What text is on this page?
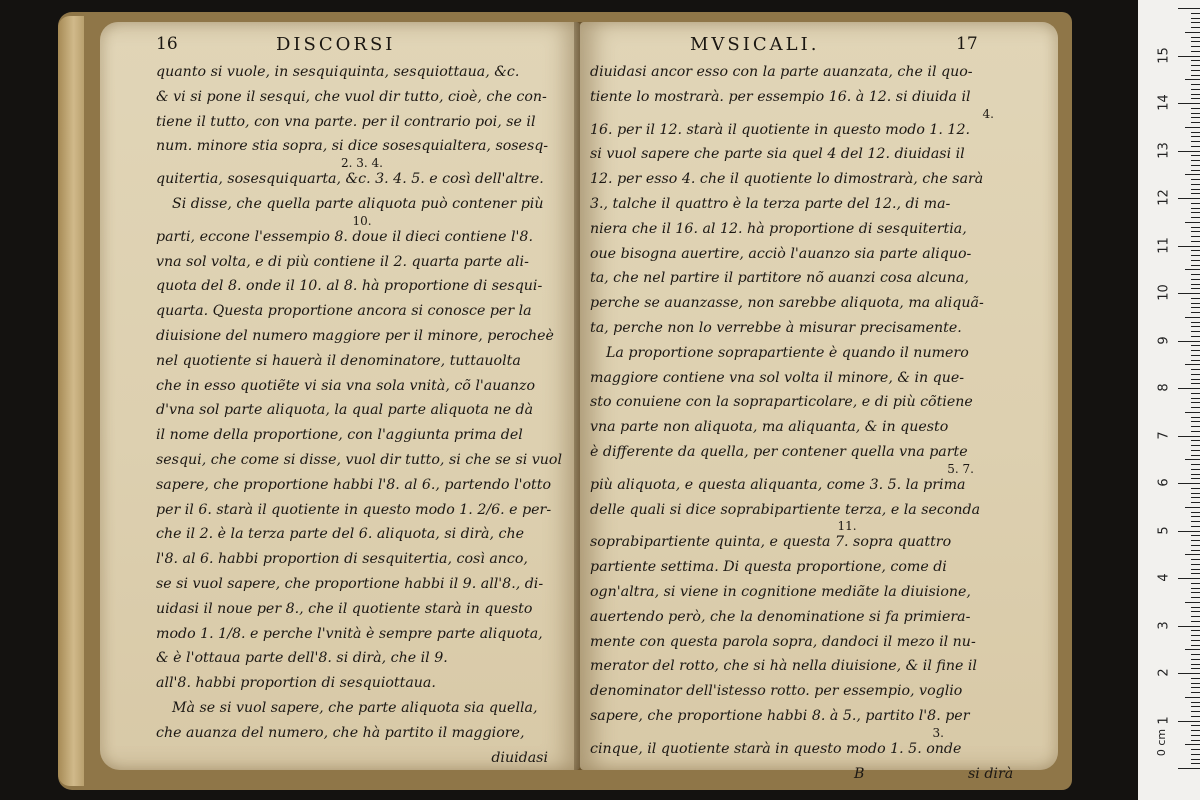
16	DISCORSI
quanto si vuole, in sesquiquinta, sesquiottaua, &c.
& vi si pone il sesqui, che vuol dir tutto, cioè, che con-
tiene il tutto, con vna parte. per il contrario poi, se il
num. minore stia sopra, si dice sosesquialtera, sosesq-
2. 3. 4.
quitertia, sosesquiquarta, &c. 3. 4. 5. e così dell'altre.
Si disse, che quella parte aliquota può contener più
10.
parti, eccone l'essempio 8. doue il dieci contiene l'8.
vna sol volta, e di più contiene il 2. quarta parte ali-
quota del 8. onde il 10. al 8. hà proportione di sesqui-
quarta. Questa proportione ancora si conosce per la
diuisione del numero maggiore per il minore, perocheè
nel quotiente si hauerà il denominatore, tuttauolta
che in esso quotiẽte vi sia vna sola vnità, cõ l'auanzo
d'vna sol parte aliquota, la qual parte aliquota ne dà
il nome della proportione, con l'aggiunta prima del
sesqui, che come si disse, vuol dir tutto, si che se si vuol
sapere, che proportione habbi l'8. al 6., partendo l'otto
per il 6. starà il quotiente in questo modo 1. 2/6. e per-
che il 2. è la terza parte del 6. aliquota, si dirà, che
l'8. al 6. habbi proportion di sesquitertia, così anco,
se si vuol sapere, che proportione habbi il 9. all'8., di-
uidasi il noue per 8., che il quotiente starà in questo
modo 1. 1/8. e perche l'vnità è sempre parte aliquota,
& è l'ottaua parte dell'8. si dirà, che il 9.
all'8. habbi proportion di sesquiottaua.
Mà se si vuol sapere, che parte aliquota sia quella,
che auanza del numero, che hà partito il maggiore,
diuidasi
MVSICALI.	17
diuidasi ancor esso con la parte auanzata, che il quo-
tiente lo mostrarà. per essempio 16. à 12. si diuida il
4.
16. per il 12. starà il quotiente in questo modo 1. 12.
si vuol sapere che parte sia quel 4 del 12. diuidasi il
12. per esso 4. che il quotiente lo dimostrarà, che sarà
3., talche il quattro è la terza parte del 12., di ma-
niera che il 16. al 12. hà proportione di sesquitertia,
oue bisogna auertire, acciò l'auanzo sia parte aliquo-
ta, che nel partire il partitore nõ auanzi cosa alcuna,
perche se auanzasse, non sarebbe aliquota, ma aliquã-
ta, perche non lo verrebbe à misurar precisamente.
La proportione soprapartiente è quando il numero
maggiore contiene vna sol volta il minore, & in que-
sto conuiene con la sopraparticolare, e di più cõtiene
vna parte non aliquota, ma aliquanta, & in questo
è differente da quella, per contener quella vna parte
5. 7.
più aliquota, e questa aliquanta, come 3. 5. la prima
delle quali si dice soprabipartiente terza, e la seconda
11.
soprabipartiente quinta, e questa 7. sopra quattro
partiente settima. Di questa proportione, come di
ogn'altra, si viene in cognitione mediãte la diuisione,
auertendo però, che la denominatione si fa primiera-
mente con questa parola sopra, dandoci il mezo il nu-
merator del rotto, che si hà nella diuisione, & il fine il
denominator dell'istesso rotto. per essempio, voglio
sapere, che proportione habbi 8. à 5., partito l'8. per
3.
cinque, il quotiente starà in questo modo 1. 5. onde
B	si dirà
1
2
3
4
5
6
7
8
9
10
11
12
13
14
15
0 cm
